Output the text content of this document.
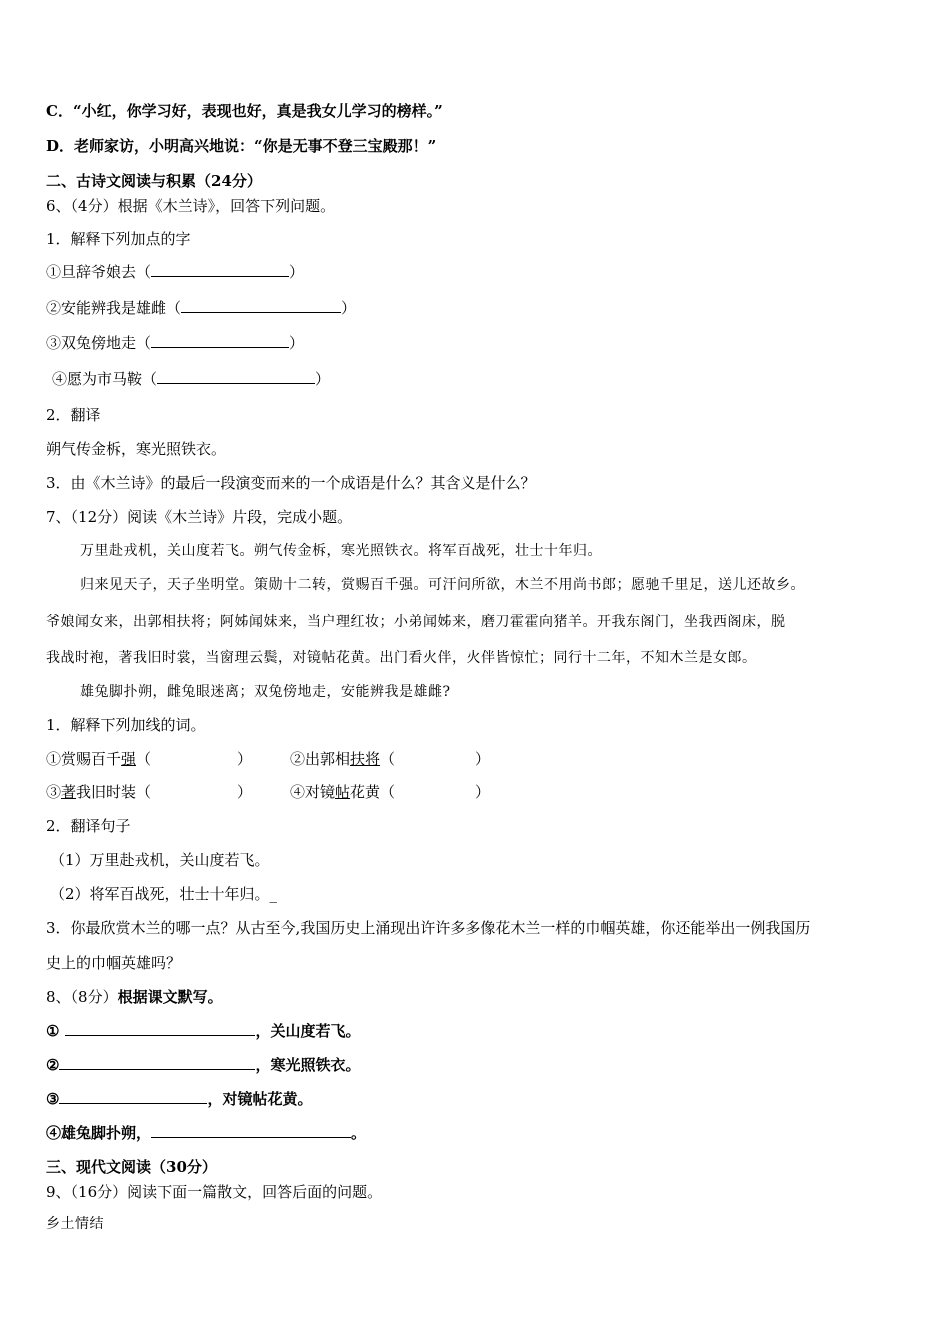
C．“小红，你学习好，表现也好，真是我女儿学习的榜样。”
D．老师家访，小明高兴地说：“你是无事不登三宝殿那！”
二、古诗文阅读与积累（24分）
6、（4分）根据《木兰诗》，回答下列问题。
1．解释下列加点的字
①旦辞爷娘去（	）
②安能辨我是雄雌（	）
③双兔傍地走（	）
④愿为市马鞍（	）
2．翻译
朔气传金柝，寒光照铁衣。
3．由《木兰诗》的最后一段演变而来的一个成语是什么？其含义是什么？
7、（12分）阅读《木兰诗》片段，完成小题。
万里赴戎机，关山度若飞。朔气传金柝，寒光照铁衣。将军百战死，壮士十年归。
归来见天子，天子坐明堂。策勋十二转，赏赐百千强。可汗问所欲，木兰不用尚书郎；愿驰千里足，送儿还故乡。
爷娘闻女来，出郭相扶将；阿姊闻妹来，当户理红妆；小弟闻姊来，磨刀霍霍向猪羊。开我东阁门，坐我西阁床，脱
我战时袍，著我旧时裳，当窗理云鬓，对镜帖花黄。出门看火伴，火伴皆惊忙；同行十二年，不知木兰是女郎。
雄兔脚扑朔，雌兔眼迷离；双兔傍地走，安能辨我是雄雌?
1．解释下列加线的词。
①赏赐百千强（	）	②出郭相扶将（	）
③著我旧时装（	）	④对镜帖花黄（	）
2．翻译句子
（1）万里赴戎机，关山度若飞。
（2）将军百战死，壮士十年归。_
3．你最欣赏木兰的哪一点？从古至今,我国历史上涌现出许许多多像花木兰一样的巾帼英雄，你还能举出一例我国历
史上的巾帼英雄吗？
8、（8分）根据课文默写。
①	，关山度若飞。
②	，寒光照铁衣。
③	，对镜帖花黄。
④雄兔脚扑朔，	。
三、现代文阅读（30分）
9、（16分）阅读下面一篇散文，回答后面的问题。
乡土情结
